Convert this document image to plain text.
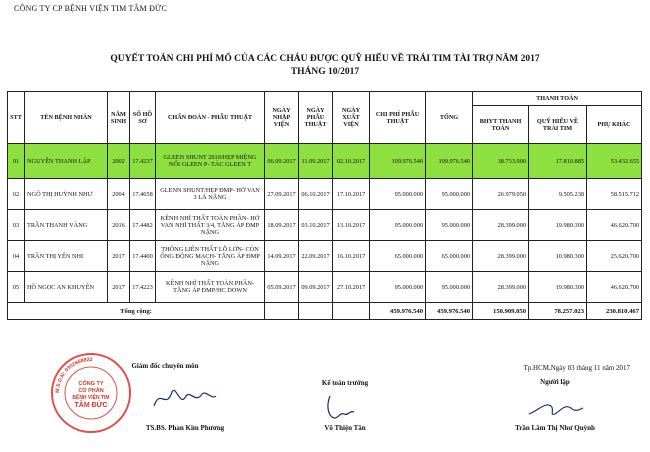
CÔNG TY CP BỆNH VIỆN TIM TÂM ĐỨC
QUYẾT TOÁN CHI PHÍ MỔ CỦA CÁC CHÁU ĐƯỢC QUỸ HIẾU VỀ TRÁI TIM TÀI TRỢ NĂM 2017
THÁNG 10/2017
STT	TÊN BỆNH NHÂN	NĂM SINH	SỐ HỒ SƠ	CHẨN ĐOÁN - PHẪU THUẬT	NGÀY NHẬP VIỆN	NGÀY PHẪU THUẬT	NGÀY XUẤT VIỆN	CHI PHÍ PHẪU THUẬT	TỔNG	THANH TOÁN		
										BHYT THANH TOÁN	QUỸ HIẾU VỀ TRÁI TIM	PHỤ KHÁC
01	NGUYỄN THANH LẬP	2002	17.4237	GLEEN SHUNT 2010/HẸP MIỆNG NỐI GLEEN P- TÁC GLEEN T	06.09.2017	11.09.2017	02.10.2017	109.976.540	109.976.540	38.733.000	17.810.885	53.432.655
02	NGÔ THỊ HUỲNH NHƯ	2004	17.4658	GLENN SHUNT/HẸP ĐMP- HỞ VAN 3 LÁ NẶNG	27.09.2017	06.10.2017	17.10.2017	95.000.000	95.000.000	26.979.050	9.505.238	58.515.712
03	TRẦN THANH VÀNG	2016	17.4482	KÊNH NHĨ THẤT TOÀN PHẦN- HỞ VAN NHĨ THẤT 3/4, TĂNG ÁP ĐMP NẶNG	18.09.2017	03.10.2017	13.10.2017	95.000.000	95.000.000	28.399.000	19.980.300	46.620.700
04	TRẦN THỊ YẾN NHI	2017	17.4400	THÔNG LIÊN THẤT LỖ LỚN- CÒN ỐNG ĐỘNG MẠCH- TĂNG ÁP ĐMP NẶNG	14.09.2017	22.09.2017	16.10.2017	65.000.000	65.000.000	28.399.000	10.980.300	25.620.700
05	HỒ NGỌC AN KHUYÊN	2017	17.4223	KÊNH NHĨ THẤT TOÀN PHẦN- TĂNG ÁP ĐMP/HC DOWN	05.09.2017	09.09.2017	27.10.2017	95.000.000	95.000.000	28.399.000	19.980.300	46.620.700
Tổng cộng:								459.976.540	459.976.540	150.909.050	78.257.023	230.810.467
M.S.D.N: 0302668822
CÔNG TY
CỔ PHẦN
BỆNH VIỆN TIM
TÂM ĐỨC
Giám đốc chuyên môn
TS.BS. Phan Kim Phương
Kế toán trưởng
Võ Thiện Tân
Tp.HCM,Ngày 03 tháng 11 năm 2017
Người lập
Trần Lâm Thị Như Quỳnh
